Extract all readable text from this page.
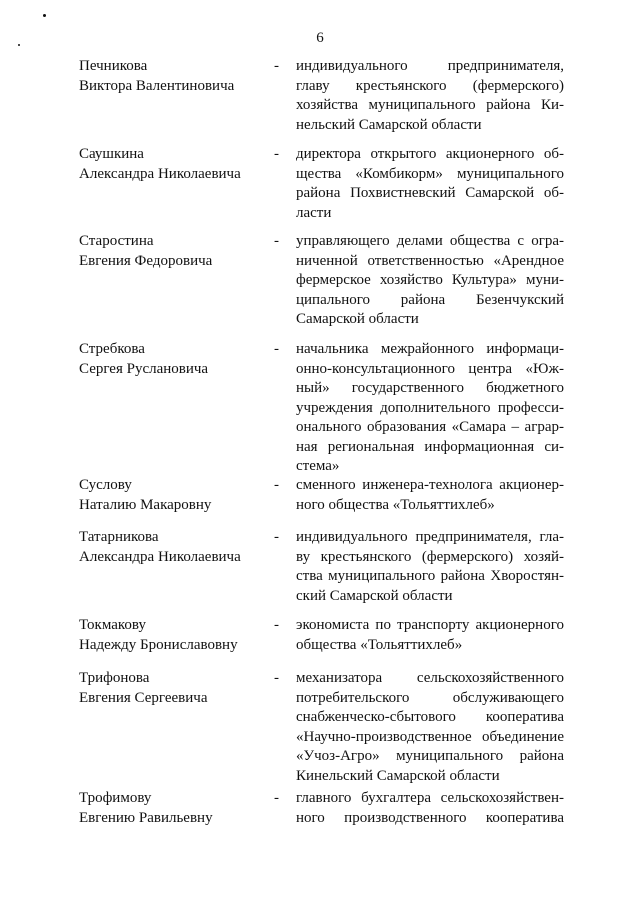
6
Печникова
Виктора Валентиновича
- индивидуального предпринимателя,
главу крестьянского (фермерского)
хозяйства муниципального района Ки-
нельский Самарской области
Саушкина
Александра Николаевича
- директора открытого акционерного об-
щества «Комбикорм» муниципального
района Похвистневский Самарской об-
ласти
Старостина
Евгения Федоровича
- управляющего делами общества с огра-
ниченной ответственностью «Арендное
фермерское хозяйство Культура» муни-
ципального района Безенчукский
Самарской области
Стребкова
Сергея Руслановича
- начальника межрайонного информаци-
онно-консультационного центра «Юж-
ный» государственного бюджетного
учреждения дополнительного професси-
онального образования «Самара – аграр-
ная региональная информационная си-
стема»
Суслову
Наталию Макаровну
- сменного инженера-технолога акционер-
ного общества «Тольяттихлеб»
Татарникова
Александра Николаевича
- индивидуального предпринимателя, гла-
ву крестьянского (фермерского) хозяй-
ства муниципального района Хворостян-
ский Самарской области
Токмакову
Надежду Брониславовну
- экономиста по транспорту акционерного
общества «Тольяттихлеб»
Трифонова
Евгения Сергеевича
- механизатора сельскохозяйственного
потребительского обслуживающего
снабженческо-сбытового кооператива
«Научно-производственное объединение
«Учоз-Агро» муниципального района
Кинельский Самарской области
Трофимову
Евгению Равильевну
- главного бухгалтера сельскохозяйствен-
ного производственного кооператива
